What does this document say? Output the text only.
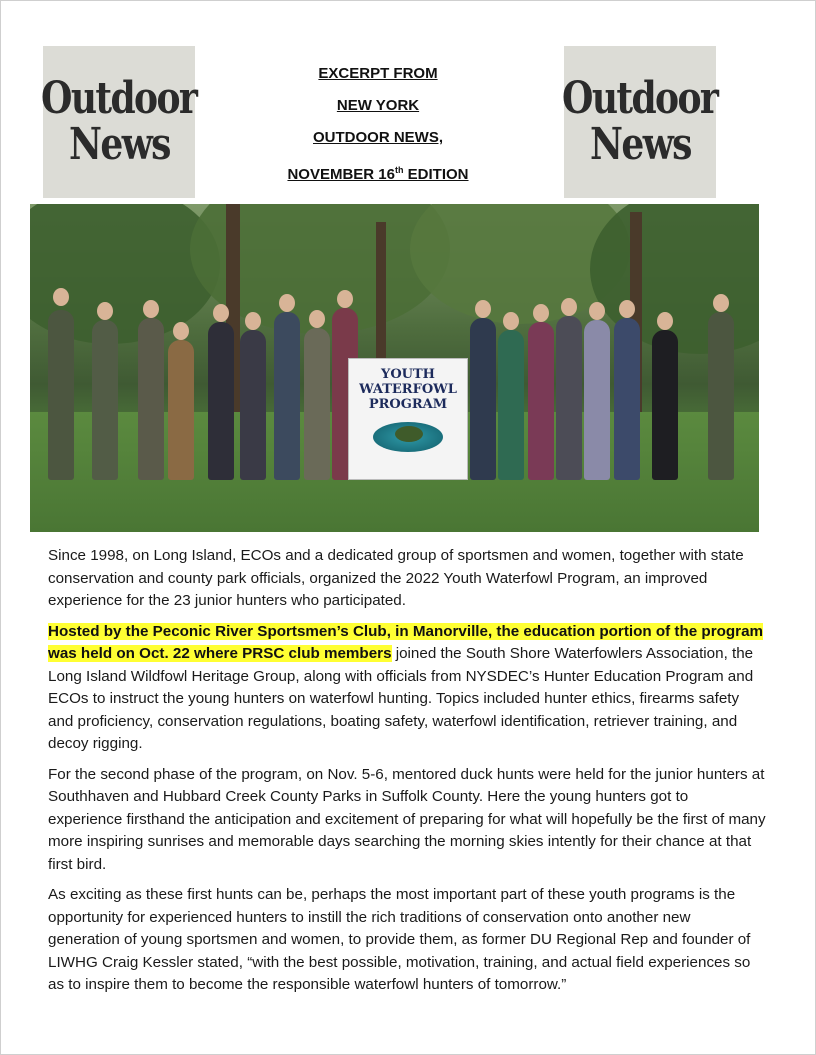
Outdoor
News
EXCERPT FROM
NEW YORK
OUTDOOR NEWS,
NOVEMBER 16th EDITION
Outdoor
News
YOUTH
WATERFOWL
PROGRAM

Since 1998, on Long Island, ECOs and a dedicated group of sportsmen and women, together with state conservation and county park officials, organized the 2022 Youth Waterfowl Program, an improved experience for the 23 junior hunters who participated.

Hosted by the Peconic River Sportsmen’s Club, in Manorville, the education portion of the program was held on Oct. 22 where PRSC club members joined the South Shore Waterfowlers Association, the Long Island Wildfowl Heritage Group, along with officials from NYSDEC’s Hunter Education Program and ECOs to instruct the young hunters on waterfowl hunting. Topics included hunter ethics, firearms safety and proficiency, conservation regulations, boating safety, waterfowl identification, retriever training, and decoy rigging.

For the second phase of the program, on Nov. 5-6, mentored duck hunts were held for the junior hunters at Southhaven and Hubbard Creek County Parks in Suffolk County. Here the young hunters got to experience firsthand the anticipation and excitement of preparing for what will hopefully be the first of many more inspiring sunrises and memorable days searching the morning skies intently for their chance at that first bird.

As exciting as these first hunts can be, perhaps the most important part of these youth programs is the opportunity for experienced hunters to instill the rich traditions of conservation onto another new generation of young sportsmen and women, to provide them, as former DU Regional Rep and founder of LIWHG Craig Kessler stated, “with the best possible, motivation, training, and actual field experiences so as to inspire them to become the responsible waterfowl hunters of tomorrow.”
